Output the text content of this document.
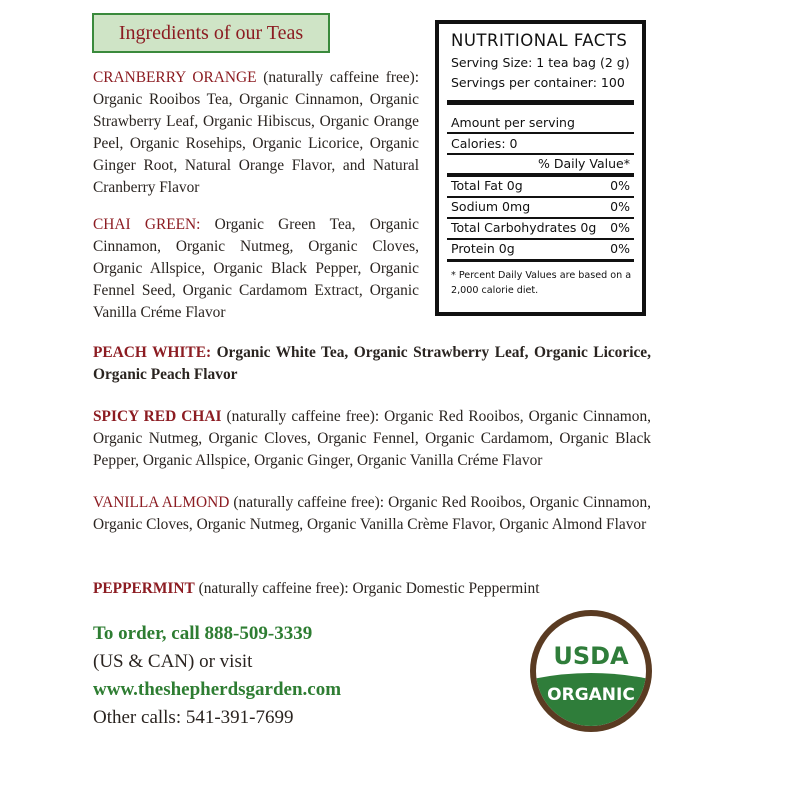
Ingredients of our Teas

CRANBERRY ORANGE (naturally caffeine free): Organic Rooibos Tea, Organic Cinnamon, Organic Strawberry Leaf, Organic Hibiscus, Organic Orange Peel, Organic Rosehips, Organic Licorice, Organic Ginger Root, Natural Orange Flavor, and Natural Cranberry Flavor

CHAI GREEN: Organic Green Tea, Organic Cinnamon, Organic Nutmeg, Organic Cloves, Organic Allspice, Organic Black Pepper, Organic Fennel Seed, Organic Cardamom Extract, Organic Vanilla Créme Flavor

PEACH WHITE: Organic White Tea, Organic Strawberry Leaf, Organic Licorice, Organic Peach Flavor

SPICY RED CHAI (naturally caffeine free): Organic Red Rooibos, Organic Cinnamon, Organic Nutmeg, Organic Cloves, Organic Fennel, Organic Cardamom, Organic Black Pepper, Organic Allspice, Organic Ginger, Organic Vanilla Créme Flavor

VANILLA ALMOND (naturally caffeine free): Organic Red Rooibos, Organic Cinnamon, Organic Cloves, Organic Nutmeg, Organic Vanilla Crème Flavor, Organic Almond Flavor

PEPPERMINT (naturally caffeine free): Organic Domestic Peppermint

NUTRITIONAL FACTS
Serving Size: 1 tea bag (2 g)
Servings per container: 100
Amount per serving
Calories: 0
% Daily Value*
Total Fat 0g	0%
Sodium 0mg	0%
Total Carbohydrates 0g 0%
Protein 0g	0%
* Percent Daily Values are based on a 2,000 calorie diet.
To order, call 888-509-3339
(US & CAN) or visit
www.theshepherdsgarden.com
Other calls: 541-391-7699
USDA
ORGANIC
